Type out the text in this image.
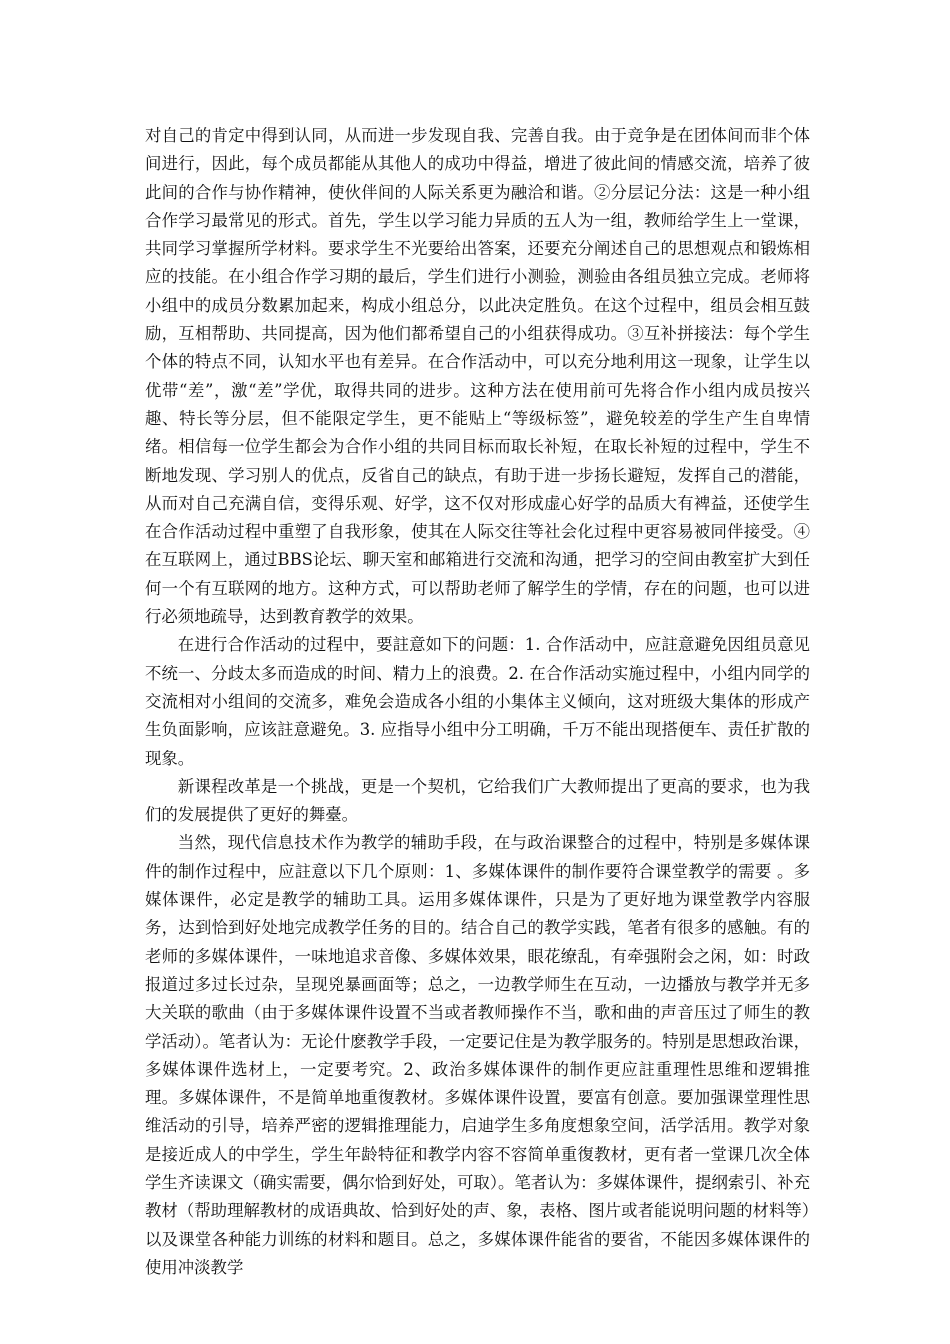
对自己的肯定中得到认同，从而进一步发现自我、完善自我。由于竞争是在团体间而非个体间进行，因此，每个成员都能从其他人的成功中得益，增进了彼此间的情感交流，培养了彼此间的合作与协作精神，使伙伴间的人际关系更为融洽和谐。②分层记分法：这是一种小组合作学习最常见的形式。首先，学生以学习能力异质的五人为一组，教师给学生上一堂课，共同学习掌握所学材料。要求学生不光要给出答案，还要充分阐述自己的思想观点和锻炼相应的技能。在小组合作学习期的最后，学生们进行小测验，测验由各组员独立完成。老师将小组中的成员分数累加起来，构成小组总分，以此决定胜负。在这个过程中，组员会相互鼓励，互相帮助、共同提高，因为他们都希望自己的小组获得成功。③互补拼接法：每个学生个体的特点不同，认知水平也有差异。在合作活动中，可以充分地利用这一现象，让学生以优带“差”，激“差”学优，取得共同的进步。这种方法在使用前可先将合作小组内成员按兴趣、特长等分层，但不能限定学生，更不能贴上“等级标签”，避免较差的学生产生自卑情绪。相信每一位学生都会为合作小组的共同目标而取长补短，在取长补短的过程中，学生不断地发现、学习别人的优点，反省自己的缺点，有助于进一步扬长避短，发挥自己的潜能，从而对自己充满自信，变得乐观、好学，这不仅对形成虚心好学的品质大有裨益，还使学生在合作活动过程中重塑了自我形象，使其在人际交往等社会化过程中更容易被同伴接受。④在互联网上，通过BBS论坛、聊天室和邮箱进行交流和沟通，把学习的空间由教室扩大到任何一个有互联网的地方。这种方式，可以帮助老师了解学生的学情，存在的问题，也可以进行必须地疏导，达到教育教学的效果。

在进行合作活动的过程中，要註意如下的问题：1. 合作活动中，应註意避免因组员意见不统一、分歧太多而造成的时间、精力上的浪费。2. 在合作活动实施过程中，小组内同学的交流相对小组间的交流多，难免会造成各小组的小集体主义倾向，这对班级大集体的形成产生负面影响，应该註意避免。3. 应指导小组中分工明确，千万不能出现搭便车、责任扩散的现象。

新课程改革是一个挑战，更是一个契机，它给我们广大教师提出了更高的要求，也为我们的发展提供了更好的舞臺。

当然，现代信息技术作为教学的辅助手段，在与政治课整合的过程中，特别是多媒体课件的制作过程中，应註意以下几个原则：1、多媒体课件的制作要符合课堂教学的需要 。多媒体课件，必定是教学的辅助工具。运用多媒体课件，只是为了更好地为课堂教学内容服务，达到恰到好处地完成教学任务的目的。结合自己的教学实践，笔者有很多的感触。有的老师的多媒体课件，一味地追求音像、多媒体效果，眼花缭乱，有牵强附会之闲，如：时政报道过多过长过杂，呈现兇暴画面等；总之，一边教学师生在互动，一边播放与教学并无多大关联的歌曲（由于多媒体课件设置不当或者教师操作不当，歌和曲的声音压过了师生的教学活动）。笔者认为：无论什麽教学手段，一定要记住是为教学服务的。特别是思想政治课，多媒体课件选材上，一定要考究。2、政治多媒体课件的制作更应註重理性思维和逻辑推理。多媒体课件，不是简单地重復教材。多媒体课件设置，要富有创意。要加强课堂理性思维活动的引导，培养严密的逻辑推理能力，启迪学生多角度想象空间，活学活用。教学对象是接近成人的中学生，学生年龄特征和教学内容不容简单重復教材，更有者一堂课几次全体学生齐读课文（确实需要，偶尔恰到好处，可取）。笔者认为：多媒体课件，提纲索引、补充教材（帮助理解教材的成语典故、恰到好处的声、象，表格、图片或者能说明问题的材料等）以及课堂各种能力训练的材料和题目。总之，多媒体课件能省的要省，不能因多媒体课件的使用冲淡教学
